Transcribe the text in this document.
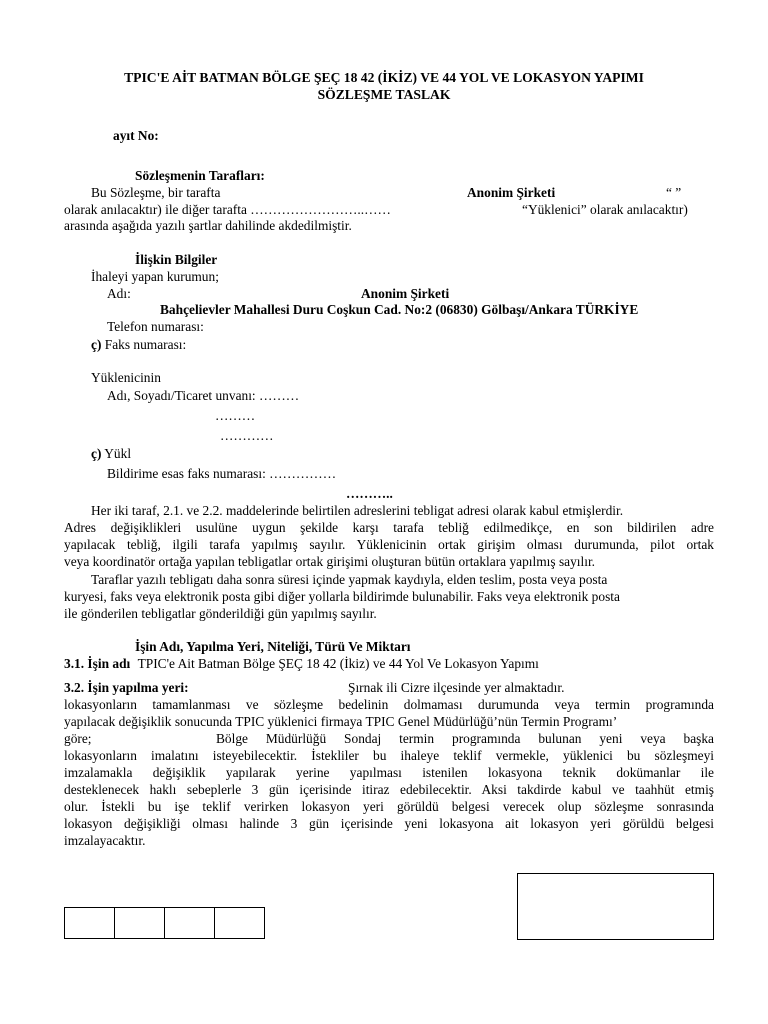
TPIC'E AİT BATMAN BÖLGE ŞEÇ 18 42 (İKİZ) VE 44 YOL VE LOKASYON YAPIMI
SÖZLEŞME TASLAK
ayıt No:
Sözleşmenin Tarafları:
Bu Sözleşme, bir tarafta	Anonim Şirketi	“ ”
olarak anılacaktır) ile diğer tarafta ……………………..……	“Yüklenici” olarak anılacaktır)
arasında aşağıda yazılı şartlar dahilinde akdedilmiştir.
İlişkin Bilgiler
İhaleyi yapan kurumun;
Adı:	Anonim Şirketi
Bahçelievler Mahallesi Duru Coşkun Cad. No:2 (06830) Gölbaşı/Ankara TÜRKİYE
Telefon numarası:
ç) Faks numarası:
Yüklenicinin
Adı, Soyadı/Ticaret unvanı: ………
………
…………
ç) Yükl
Bildirime esas faks numarası: ……………
………..
Her iki taraf, 2.1. ve 2.2. maddelerinde belirtilen adreslerini tebligat adresi olarak kabul etmişlerdir.
Adres değişiklikleri usulüne uygun şekilde karşı tarafa tebliğ edilmedikçe, en son bildirilen adre
yapılacak tebliğ, ilgili tarafa yapılmış sayılır. Yüklenicinin ortak girişim olması durumunda, pilot ortak
veya koordinatör ortağa yapılan tebligatlar ortak girişimi oluşturan bütün ortaklara yapılmış sayılır.
Taraflar yazılı tebligatı daha sonra süresi içinde yapmak kaydıyla, elden teslim, posta veya posta
kuryesi, faks veya elektronik posta gibi diğer yollarla bildirimde bulunabilir. Faks veya elektronik posta
ile gönderilen tebligatlar gönderildiği gün yapılmış sayılır.
İşin Adı, Yapılma Yeri, Niteliği, Türü Ve Miktarı
3.1. İşin adı TPIC'e Ait Batman Bölge ŞEÇ 18 42 (İkiz) ve 44 Yol Ve Lokasyon Yapımı
3.2. İşin yapılma yeri:	Şırnak ili Cizre ilçesinde yer almaktadır.
lokasyonların tamamlanması ve sözleşme bedelinin dolmaması durumunda veya termin programında
yapılacak değişiklik sonucunda TPIC yüklenici firmaya TPIC Genel Müdürlüğü’nün Termin Programı’
göre;	Bölge Müdürlüğü Sondaj termin programında bulunan yeni veya başka
lokasyonların imalatını isteyebilecektir. İstekliler bu ihaleye teklif vermekle, yüklenici bu sözleşmeyi
imzalamakla değişiklik yapılarak yerine yapılması istenilen lokasyona teknik dokümanlar ile
desteklenecek haklı sebeplerle 3 gün içerisinde itiraz edebilecektir. Aksi takdirde kabul ve taahhüt etmiş
olur. İstekli bu işe teklif verirken lokasyon yeri görüldü belgesi verecek olup sözleşme sonrasında
lokasyon değişikliği olması halinde 3 gün içerisinde yeni lokasyona ait lokasyon yeri görüldü belgesi
imzalayacaktır.
